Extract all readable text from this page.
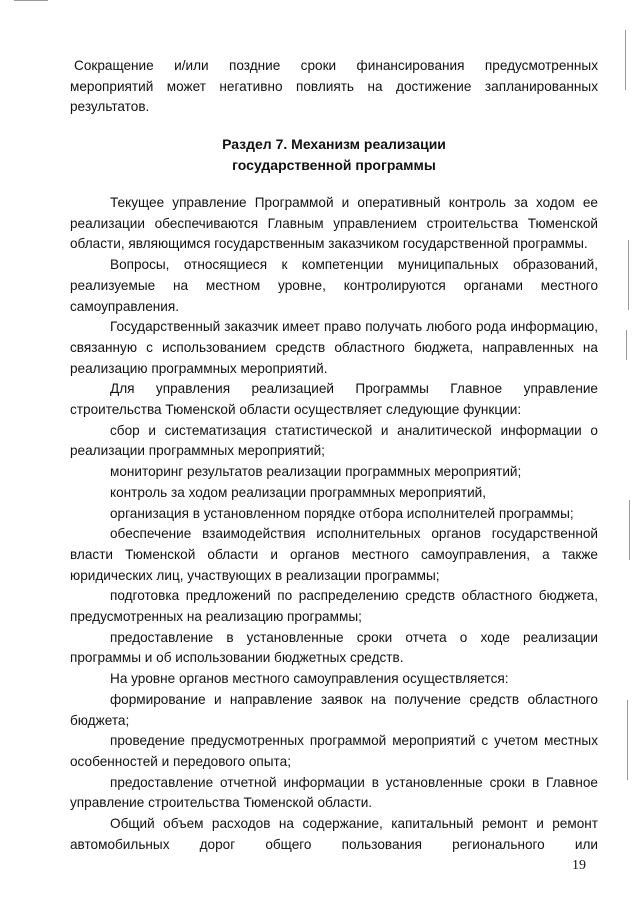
Сокращение и/или поздние сроки финансирования предусмотренных мероприятий может негативно повлиять на достижение запланированных результатов.

Раздел 7. Механизм реализации
государственной программы

Текущее управление Программой и оперативный контроль за ходом ее реализации обеспечиваются Главным управлением строительства Тюменской области, являющимся государственным заказчиком государственной программы.

Вопросы, относящиеся к компетенции муниципальных образований, реализуемые на местном уровне, контролируются органами местного самоуправления.

Государственный заказчик имеет право получать любого рода информацию, связанную с использованием средств областного бюджета, направленных на реализацию программных мероприятий.

Для управления реализацией Программы Главное управление строительства Тюменской области осуществляет следующие функции:

сбор и систематизация статистической и аналитической информации о реализации программных мероприятий;

мониторинг результатов реализации программных мероприятий;

контроль за ходом реализации программных мероприятий,

организация в установленном порядке отбора исполнителей программы;

обеспечение взаимодействия исполнительных органов государственной власти Тюменской области и органов местного самоуправления, а также юридических лиц, участвующих в реализации программы;

подготовка предложений по распределению средств областного бюджета, предусмотренных на реализацию программы;

предоставление в установленные сроки отчета о ходе реализации программы и об использовании бюджетных средств.

На уровне органов местного самоуправления осуществляется:

формирование и направление заявок на получение средств областного бюджета;

проведение предусмотренных программой мероприятий с учетом местных особенностей и передового опыта;

предоставление отчетной информации в установленные сроки в Главное управление строительства Тюменской области.

Общий объем расходов на содержание, капитальный ремонт и ремонт автомобильных дорог общего пользования регионального или

19
